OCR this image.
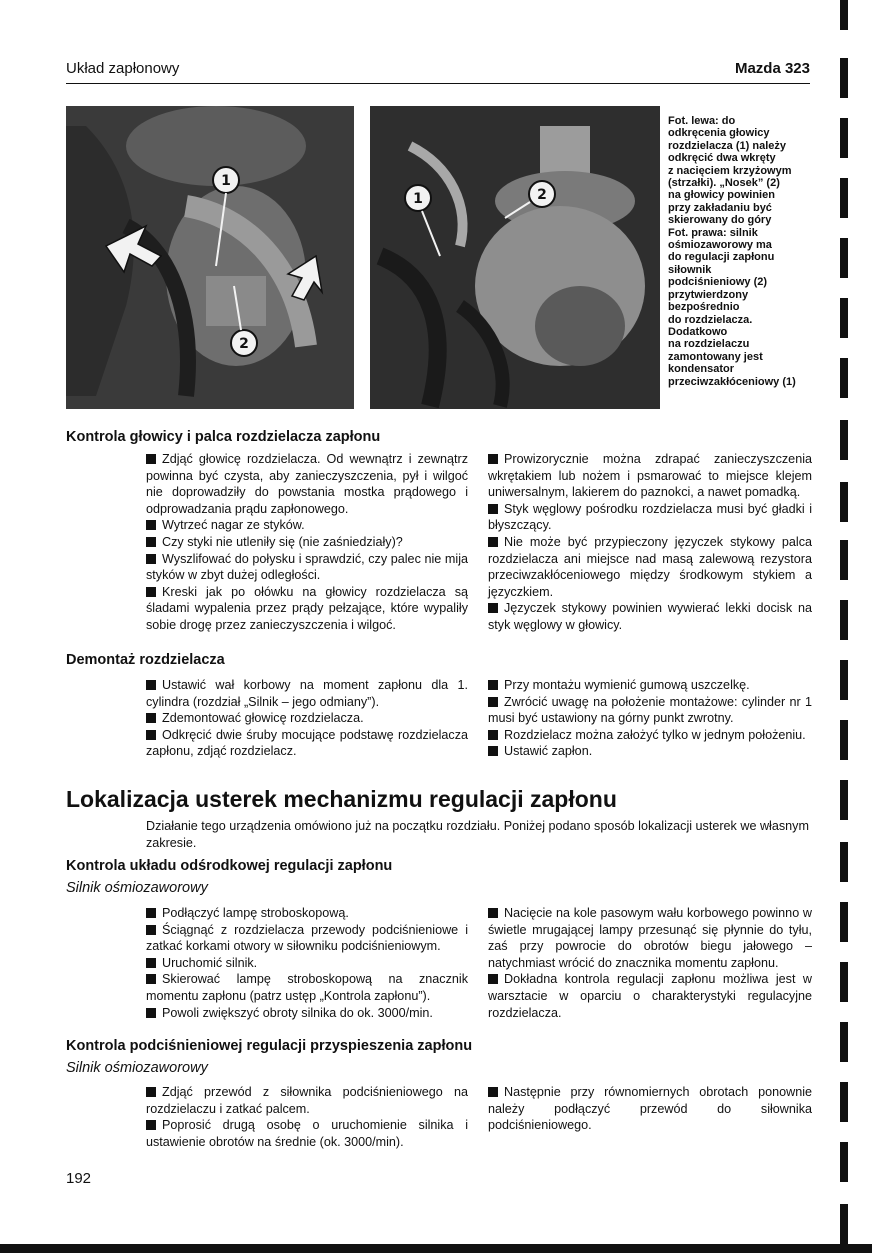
Układ zapłonowy	Mazda 323
1
2
1	2
Fot. lewa: do
odkręcenia głowicy
rozdzielacza (1) należy
odkręcić dwa wkręty
z nacięciem krzyżowym
(strzałki). „Nosek” (2)
na głowicy powinien
przy zakładaniu być
skierowany do góry
Fot. prawa: silnik
ośmiozaworowy ma
do regulacji zapłonu
siłownik
podciśnieniowy (2)
przytwierdzony
bezpośrednio
do rozdzielacza.
Dodatkowo
na rozdzielaczu
zamontowany jest
kondensator
przeciwzakłóceniowy (1)
Kontrola głowicy i palca rozdzielacza zapłonu

Zdjąć głowicę rozdzielacza. Od wewnątrz i zewnątrz powinna być czysta, aby zanieczyszczenia, pył i wilgoć nie doprowadziły do powstania mostka prądowego i odprowadzania prądu zapłonowego.

Wytrzeć nagar ze styków.

Czy styki nie utleniły się (nie zaśniedziały)?

Wyszlifować do połysku i sprawdzić, czy palec nie mija styków w zbyt dużej odległości.

Kreski jak po ołówku na głowicy rozdzielacza są śladami wypalenia przez prądy pełzające, które wypaliły sobie drogę przez zanieczyszczenia i wilgoć.

Prowizorycznie można zdrapać zanieczyszczenia wkrętakiem lub nożem i psmarować to miejsce klejem uniwersalnym, lakierem do paznokci, a nawet pomadką.

Styk węglowy pośrodku rozdzielacza musi być gładki i błyszczący.

Nie może być przypieczony języczek stykowy palca rozdzielacza ani miejsce nad masą zalewową rezystora przeciwzakłóceniowego między środkowym stykiem a języczkiem.

Języczek stykowy powinien wywierać lekki docisk na styk węglowy w głowicy.

Demontaż rozdzielacza

Ustawić wał korbowy na moment zapłonu dla 1. cylindra (rozdział „Silnik – jego odmiany”).

Zdemontować głowicę rozdzielacza.

Odkręcić dwie śruby mocujące podstawę rozdzielacza zapłonu, zdjąć rozdzielacz.

Przy montażu wymienić gumową uszczelkę.

Zwrócić uwagę na położenie montażowe: cylinder nr 1 musi być ustawiony na górny punkt zwrotny.

Rozdzielacz można założyć tylko w jednym położeniu.

Ustawić zapłon.

Lokalizacja usterek mechanizmu regulacji zapłonu
Działanie tego urządzenia omówiono już na początku rozdziału. Poniżej podano sposób lokalizacji usterek we własnym zakresie.
Kontrola układu odśrodkowej regulacji zapłonu
Silnik ośmiozaworowy

Podłączyć lampę stroboskopową.

Ściągnąć z rozdzielacza przewody podciśnieniowe i zatkać korkami otwory w siłowniku podciśnieniowym.

Uruchomić silnik.

Skierować lampę stroboskopową na znacznik momentu zapłonu (patrz ustęp „Kontrola zapłonu”).

Powoli zwiększyć obroty silnika do ok. 3000/min.

Nacięcie na kole pasowym wału korbowego powinno w świetle mrugającej lampy przesunąć się płynnie do tyłu, zaś przy powrocie do obrotów biegu jałowego – natychmiast wrócić do znacznika momentu zapłonu.

Dokładna kontrola regulacji zapłonu możliwa jest w warsztacie w oparciu o charakterystyki regulacyjne rozdzielacza.

Kontrola podciśnieniowej regulacji przyspieszenia zapłonu
Silnik ośmiozaworowy

Zdjąć przewód z siłownika podciśnieniowego na rozdzielaczu i zatkać palcem.

Poprosić drugą osobę o uruchomienie silnika i ustawienie obrotów na średnie (ok. 3000/min).

Następnie przy równomiernych obrotach ponownie należy podłączyć przewód do siłownika podciśnieniowego.

192
